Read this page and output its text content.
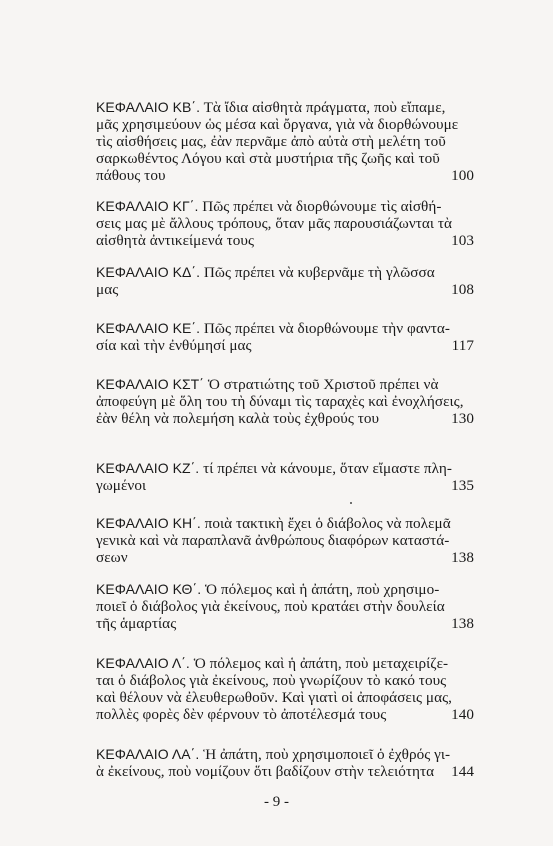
ΚΕΦΑΛΑΙΟ ΚΒ΄. Τὰ ἴδια αἰσθητὰ πράγματα, ποὺ εἴπαμε,

μᾶς χρησιμεύουν ὡς μέσα καὶ ὄργανα, γιὰ νὰ διορθώνουμε

τὶς αἰσθήσεις μας, ἐὰν περνᾶμε ἀπὸ αὐτὰ στὴ μελέτη τοῦ

σαρκωθέντος Λόγου καὶ στὰ μυστήρια τῆς ζωῆς καὶ τοῦ

πάθους του	100

ΚΕΦΑΛΑΙΟ ΚΓ΄. Πῶς πρέπει νὰ διορθώνουμε τὶς αἰσθή-

σεις μας μὲ ἄλλους τρόπους, ὅταν μᾶς παρουσιάζωνται τὰ

αἰσθητὰ ἀντικείμενά τους	103

ΚΕΦΑΛΑΙΟ ΚΔ΄. Πῶς πρέπει νὰ κυβερνᾶμε τὴ γλῶσσα

μας	108

ΚΕΦΑΛΑΙΟ ΚΕ΄. Πῶς πρέπει νὰ διορθώνουμε τὴν φαντα-

σία καὶ τὴν ἐνθύμησί μας	117

ΚΕΦΑΛΑΙΟ ΚΣΤ΄ Ὁ στρατιώτης τοῦ Χριστοῦ πρέπει νὰ

ἀποφεύγη μὲ ὅλη του τὴ δύναμι τὶς ταραχὲς καὶ ἐνοχλήσεις,

ἐὰν θέλη νὰ πολεμήση καλὰ τοὺς ἐχθρούς του	130

ΚΕΦΑΛΑΙΟ ΚΖ΄. τί πρέπει νὰ κάνουμε, ὅταν εἴμαστε πλη-

γωμένοι	135

ΚΕΦΑΛΑΙΟ ΚΗ΄. ποιὰ τακτικὴ ἔχει ὁ διάβολος νὰ πολεμᾶ

γενικὰ καὶ νὰ παραπλανᾶ ἀνθρώπους διαφόρων καταστά-

σεων	138

ΚΕΦΑΛΑΙΟ ΚΘ΄. Ὁ πόλεμος καὶ ἡ ἀπάτη, ποὺ χρησιμο-

ποιεῖ ὁ διάβολος γιὰ ἐκείνους, ποὺ κρατάει στὴν δουλεία

τῆς ἁμαρτίας	138

ΚΕΦΑΛΑΙΟ Λ΄. Ὁ πόλεμος καὶ ἡ ἀπάτη, ποὺ μεταχειρίζε-

ται ὁ διάβολος γιὰ ἐκείνους, ποὺ γνωρίζουν τὸ κακό τους

καὶ θέλουν νὰ ἐλευθερωθοῦν. Καὶ γιατὶ οἱ ἀποφάσεις μας,

πολλὲς φορὲς δὲν φέρνουν τὸ ἀποτέλεσμά τους	140

ΚΕΦΑΛΑΙΟ ΛΑ΄. Ἡ ἀπάτη, ποὺ χρησιμοποιεῖ ὁ ἐχθρός γι-

ὰ ἐκείνους, ποὺ νομίζουν ὅτι βαδίζουν στὴν τελειότητα 144

- 9 -
